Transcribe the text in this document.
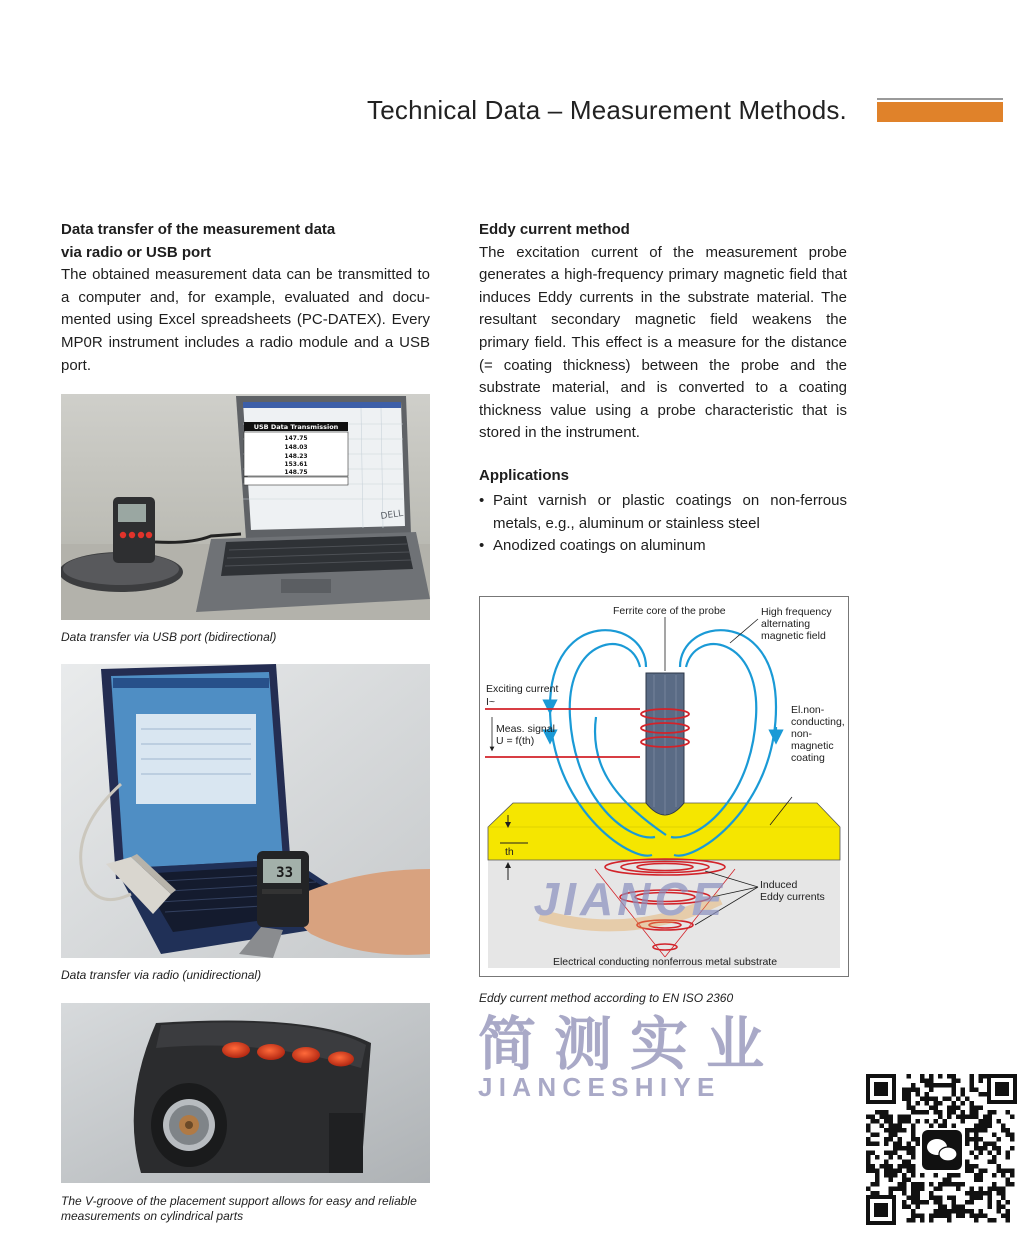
Technical Data – Measurement Methods.
Data transfer of the measurement data
via radio or USB port
The obtained measurement data can be transmitted to a computer and, for example, evaluated and documented using Excel spreadsheets (PC-DATEX). Every MP0R instrument includes a radio module and a USB port.
Eddy current method
The excitation current of the measurement probe generates a high-frequency primary magnetic field that induces Eddy currents in the substrate material. The resultant secondary magnetic field weakens the primary field. This effect is a measure for the distance (= coating thickness) between the probe and the substrate material, and is converted to a coating thickness value using a probe characteristic that is stored in the instrument.
Applications
• Paint varnish or plastic coatings on non-ferrous metals, e.g., aluminum or stainless steel
• Anodized coatings on aluminum
USB Data Transmission
147.75
148.03
148.23
153.61
148.75
DELL
Data transfer via USB port (bidirectional)
33
Data transfer via radio (unidirectional)
The V-groove of the placement support allows for easy and reliable measurements on cylindrical parts
Ferrite core of the probe	High frequency
alternating
magnetic field
Exciting current
I~
Meas. signal
U = f(th)
El.non-
conducting,
non-
magnetic
coating
th
Induced
Eddy currents
Electrical conducting nonferrous metal substrate
JIANCE
Eddy current method according to EN ISO 2360
简测实业
JIANCESHIYE
